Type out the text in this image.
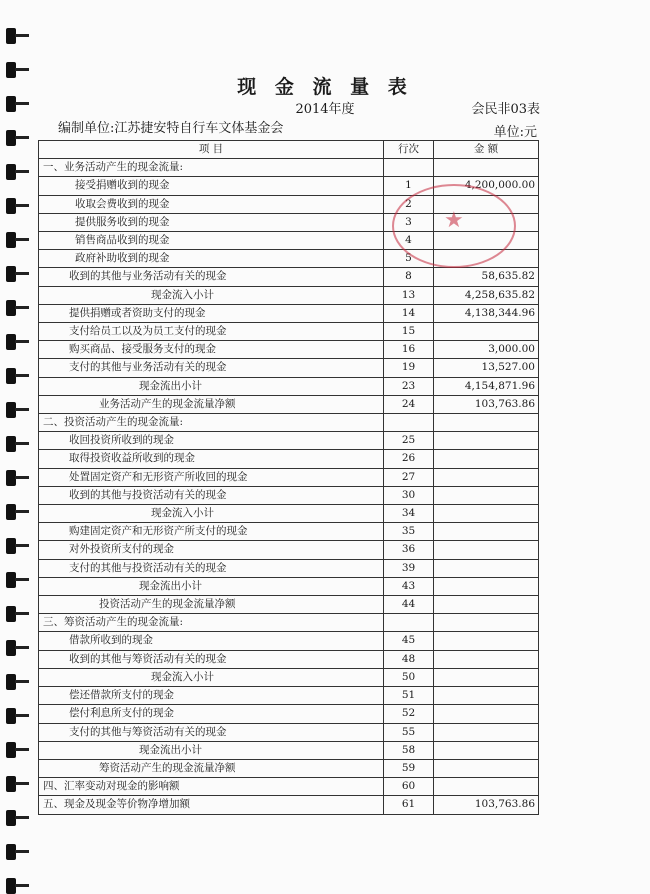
现 金 流 量 表
2014年度	会民非03表
编制单位:江苏捷安特自行车文体基金会	单位:元
项 目	行次	金 额
一、业务活动产生的现金流量:		
接受捐赠收到的现金	1	4,200,000.00
收取会费收到的现金	2	
提供服务收到的现金	3	
销售商品收到的现金	4	
政府补助收到的现金	5	
收到的其他与业务活动有关的现金	8	58,635.82
现金流入小计	13	4,258,635.82
提供捐赠或者资助支付的现金	14	4,138,344.96
支付给员工以及为员工支付的现金	15	
购买商品、接受服务支付的现金	16	3,000.00
支付的其他与业务活动有关的现金	19	13,527.00
现金流出小计	23	4,154,871.96
业务活动产生的现金流量净额	24	103,763.86
二、投资活动产生的现金流量:		
收回投资所收到的现金	25	
取得投资收益所收到的现金	26	
处置固定资产和无形资产所收回的现金	27	
收到的其他与投资活动有关的现金	30	
现金流入小计	34	
购建固定资产和无形资产所支付的现金	35	
对外投资所支付的现金	36	
支付的其他与投资活动有关的现金	39	
现金流出小计	43	
投资活动产生的现金流量净额	44	
三、筹资活动产生的现金流量:		
借款所收到的现金	45	
收到的其他与筹资活动有关的现金	48	
现金流入小计	50	
偿还借款所支付的现金	51	
偿付利息所支付的现金	52	
支付的其他与筹资活动有关的现金	55	
现金流出小计	58	
筹资活动产生的现金流量净额	59	
四、汇率变动对现金的影响额	60	
五、现金及现金等价物净增加额	61	103,763.86
★
